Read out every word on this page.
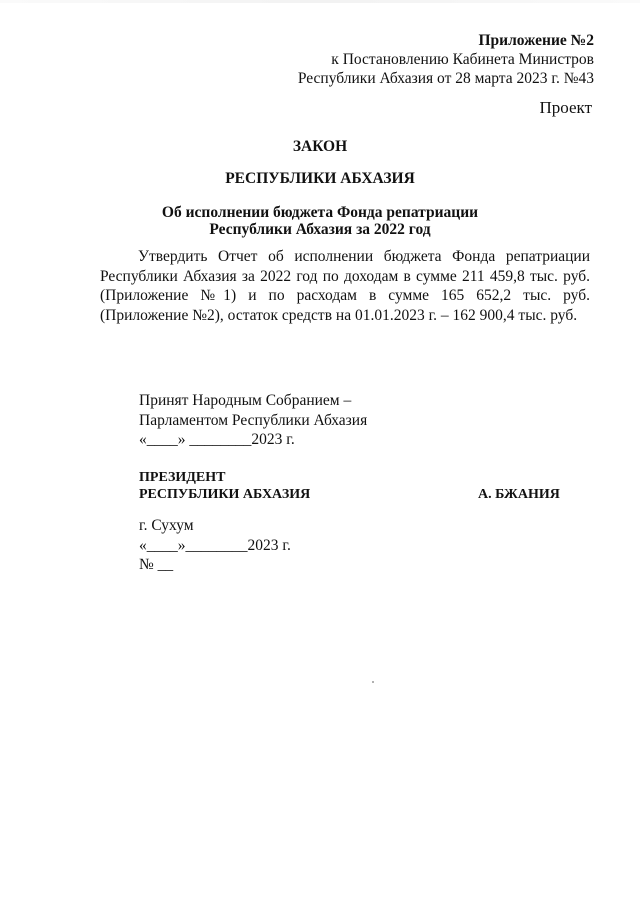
Приложение №2
к Постановлению Кабинета Министров
Республики Абхазия от 28 марта 2023 г. №43
Проект
ЗАКОН
РЕСПУБЛИКИ АБХАЗИЯ
Об исполнении бюджета Фонда репатриации
Республики Абхазия за 2022 год
Утвердить Отчет об исполнении бюджета Фонда репатриации Республики Абхазия за 2022 год по доходам в сумме 211 459,8 тыс. руб. (Приложение №1) и по расходам в сумме 165 652,2 тыс. руб. (Приложение №2), остаток средств на 01.01.2023 г. – 162 900,4 тыс. руб.
Принят Народным Собранием –
Парламентом Республики Абхазия
«____» ________2023 г.
ПРЕЗИДЕНТ
РЕСПУБЛИКИ АБХАЗИЯ	А. БЖАНИЯ
г. Сухум
«____»________2023 г.
№ __
